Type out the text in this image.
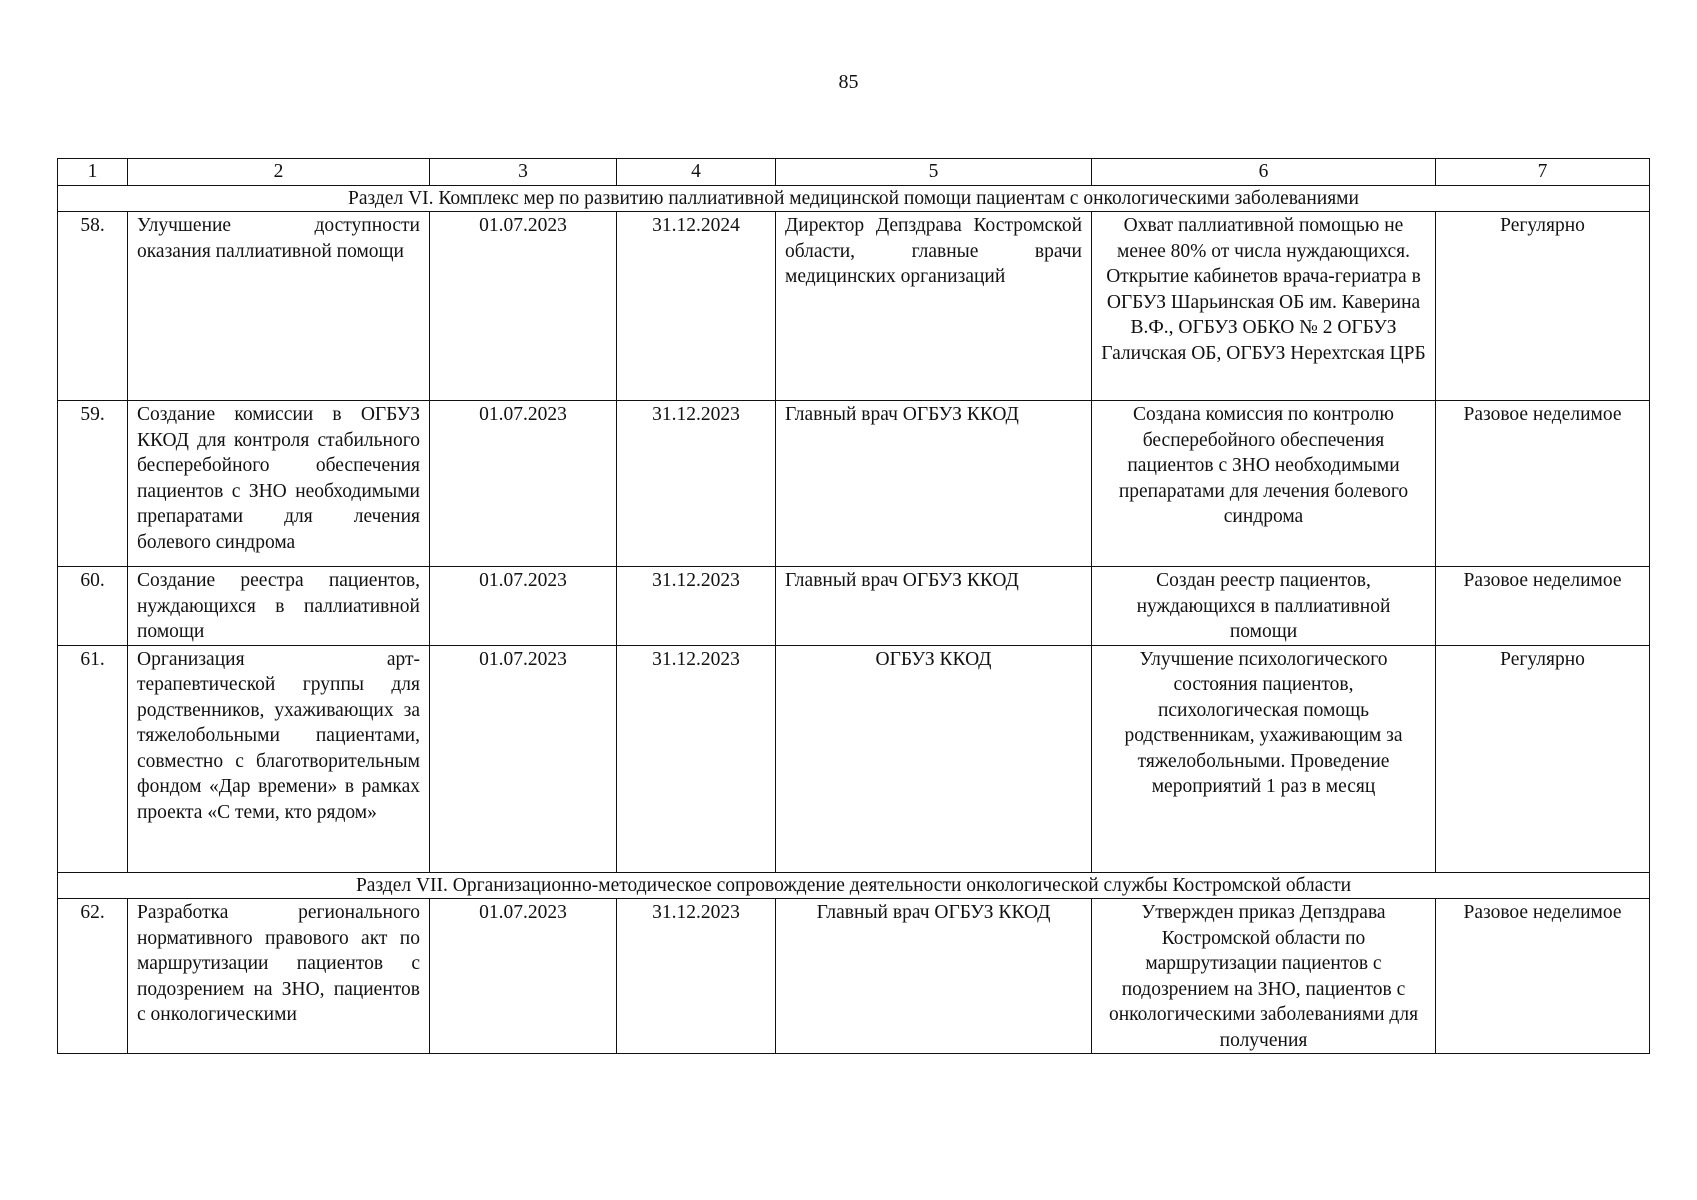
85
1	2	3	4	5	6	7
Раздел VI. Комплекс мер по развитию паллиативной медицинской помощи пациентам с онкологическими заболеваниями						
58.	Улучшение доступности оказания паллиативной помощи	01.07.2023	31.12.2024	Директор Депздрава Костромской области, главные врачи медицинских организаций	Охват паллиативной помощью не менее 80% от числа нуждающихся. Открытие кабинетов врача-гериатра в ОГБУЗ Шарьинская ОБ им. Каверина В.Ф., ОГБУЗ ОБКО № 2 ОГБУЗ Галичская ОБ, ОГБУЗ Нерехтская ЦРБ	Регулярно
59.	Создание комиссии в ОГБУЗ ККОД для контроля стабильного бесперебойного обеспечения пациентов с ЗНО необходимыми препаратами для лечения болевого синдрома	01.07.2023	31.12.2023	Главный врач ОГБУЗ ККОД	Создана комиссия по контролю бесперебойного обеспечения пациентов с ЗНО необходимыми препаратами для лечения болевого синдрома	Разовое неделимое
60.	Создание реестра пациентов, нуждающихся в паллиативной помощи	01.07.2023	31.12.2023	Главный врач ОГБУЗ ККОД	Создан реестр пациентов, нуждающихся в паллиативной помощи	Разовое неделимое
61.	Организация арт-терапевтической группы для родственников, ухаживающих за тяжелобольными пациентами, совместно с благотворительным фондом «Дар времени» в рамках проекта «С теми, кто рядом»	01.07.2023	31.12.2023	ОГБУЗ ККОД	Улучшение психологического состояния пациентов, психологическая помощь родственникам, ухаживающим за тяжелобольными. Проведение мероприятий 1 раз в месяц	Регулярно
Раздел VII. Организационно-методическое сопровождение деятельности онкологической службы Костромской области						
62.	Разработка регионального нормативного правового акт по маршрутизации пациентов с подозрением на ЗНО, пациентов с онкологическими	01.07.2023	31.12.2023	Главный врач ОГБУЗ ККОД	Утвержден приказ Депздрава Костромской области по маршрутизации пациентов с подозрением на ЗНО, пациентов с онкологическими заболеваниями для получения	Разовое неделимое
